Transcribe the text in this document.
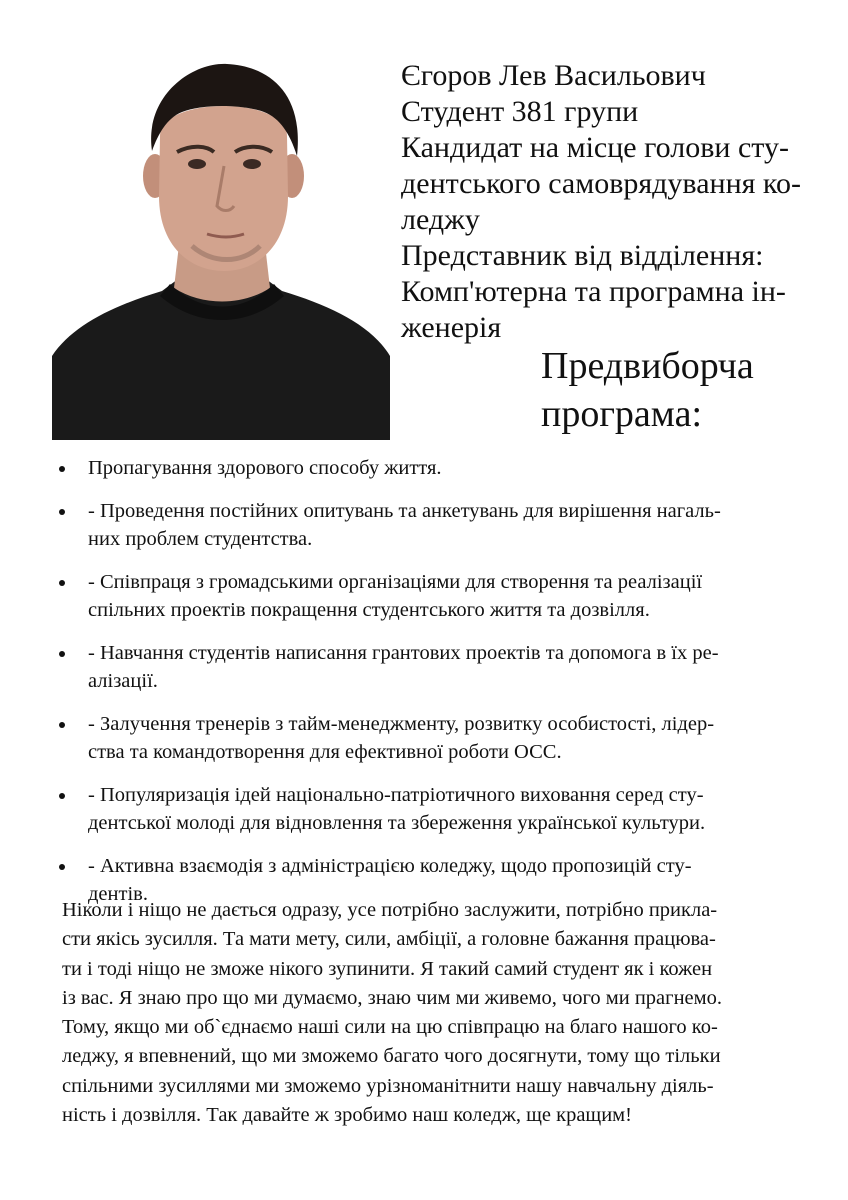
Єгоров Лев Васильович
Студент 381 групи
Кандидат на місце голови сту-
дентського самоврядування ко-
леджу
Представник від відділення:
Комп'ютерна та програмна ін-
женерія
Предвиборча
програма:
Пропагування здорового способу життя.
- Проведення постійних опитувань та анкетувань для вирішення нагаль-
них проблем студентства.
- Співпраця з громадськими організаціями для створення та реалізації
спільних проектів покращення студентського життя та дозвілля.
- Навчання студентів написання грантових проектів та допомога в їх ре-
алізації.
- Залучення тренерів з тайм-менеджменту, розвитку особистості, лідер-
ства та командотворення для ефективної роботи ОСС.
- Популяризація ідей національно-патріотичного виховання серед сту-
дентської молоді для відновлення та збереження української культури.
- Активна взаємодія з адміністрацією коледжу, щодо пропозицій сту-
дентів.
Ніколи і ніщо не дається одразу, усе потрібно заслужити, потрібно прикла-
сти якісь зусилля. Та мати мету, сили, амбіції, а головне бажання працюва-
ти і тоді ніщо не зможе нікого зупинити. Я такий самий студент як і кожен
із вас. Я знаю про що ми думаємо, знаю чим ми живемо, чого ми прагнемо.
Тому, якщо ми об`єднаємо наші сили на цю співпрацю на благо нашого ко-
леджу, я впевнений, що ми зможемо багато чого досягнути, тому що тільки
спільними зусиллями ми зможемо урізноманітнити нашу навчальну діяль-
ність і дозвілля. Так давайте ж зробимо наш коледж, ще кращим!
